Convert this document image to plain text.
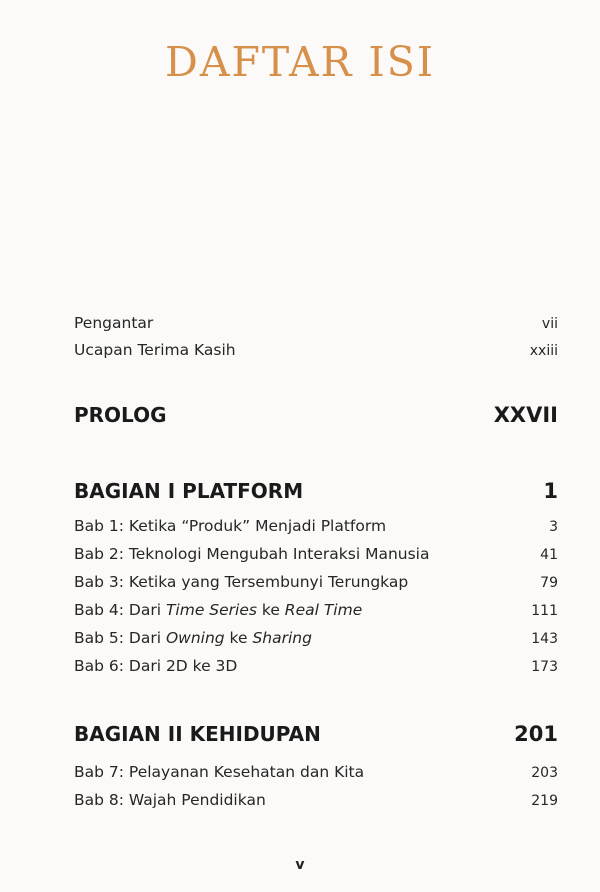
DAFTAR ISI
Pengantar	vii
Ucapan Terima Kasih	xxiii
PROLOG	XXVII
BAGIAN I PLATFORM	1
Bab 1: Ketika “Produk” Menjadi Platform	3
Bab 2: Teknologi Mengubah Interaksi Manusia	41
Bab 3: Ketika yang Tersembunyi Terungkap	79
Bab 4: Dari Time Series ke Real Time	111
Bab 5: Dari Owning ke Sharing	143
Bab 6: Dari 2D ke 3D	173
BAGIAN II KEHIDUPAN	201
Bab 7: Pelayanan Kesehatan dan Kita	203
Bab 8: Wajah Pendidikan	219
v
